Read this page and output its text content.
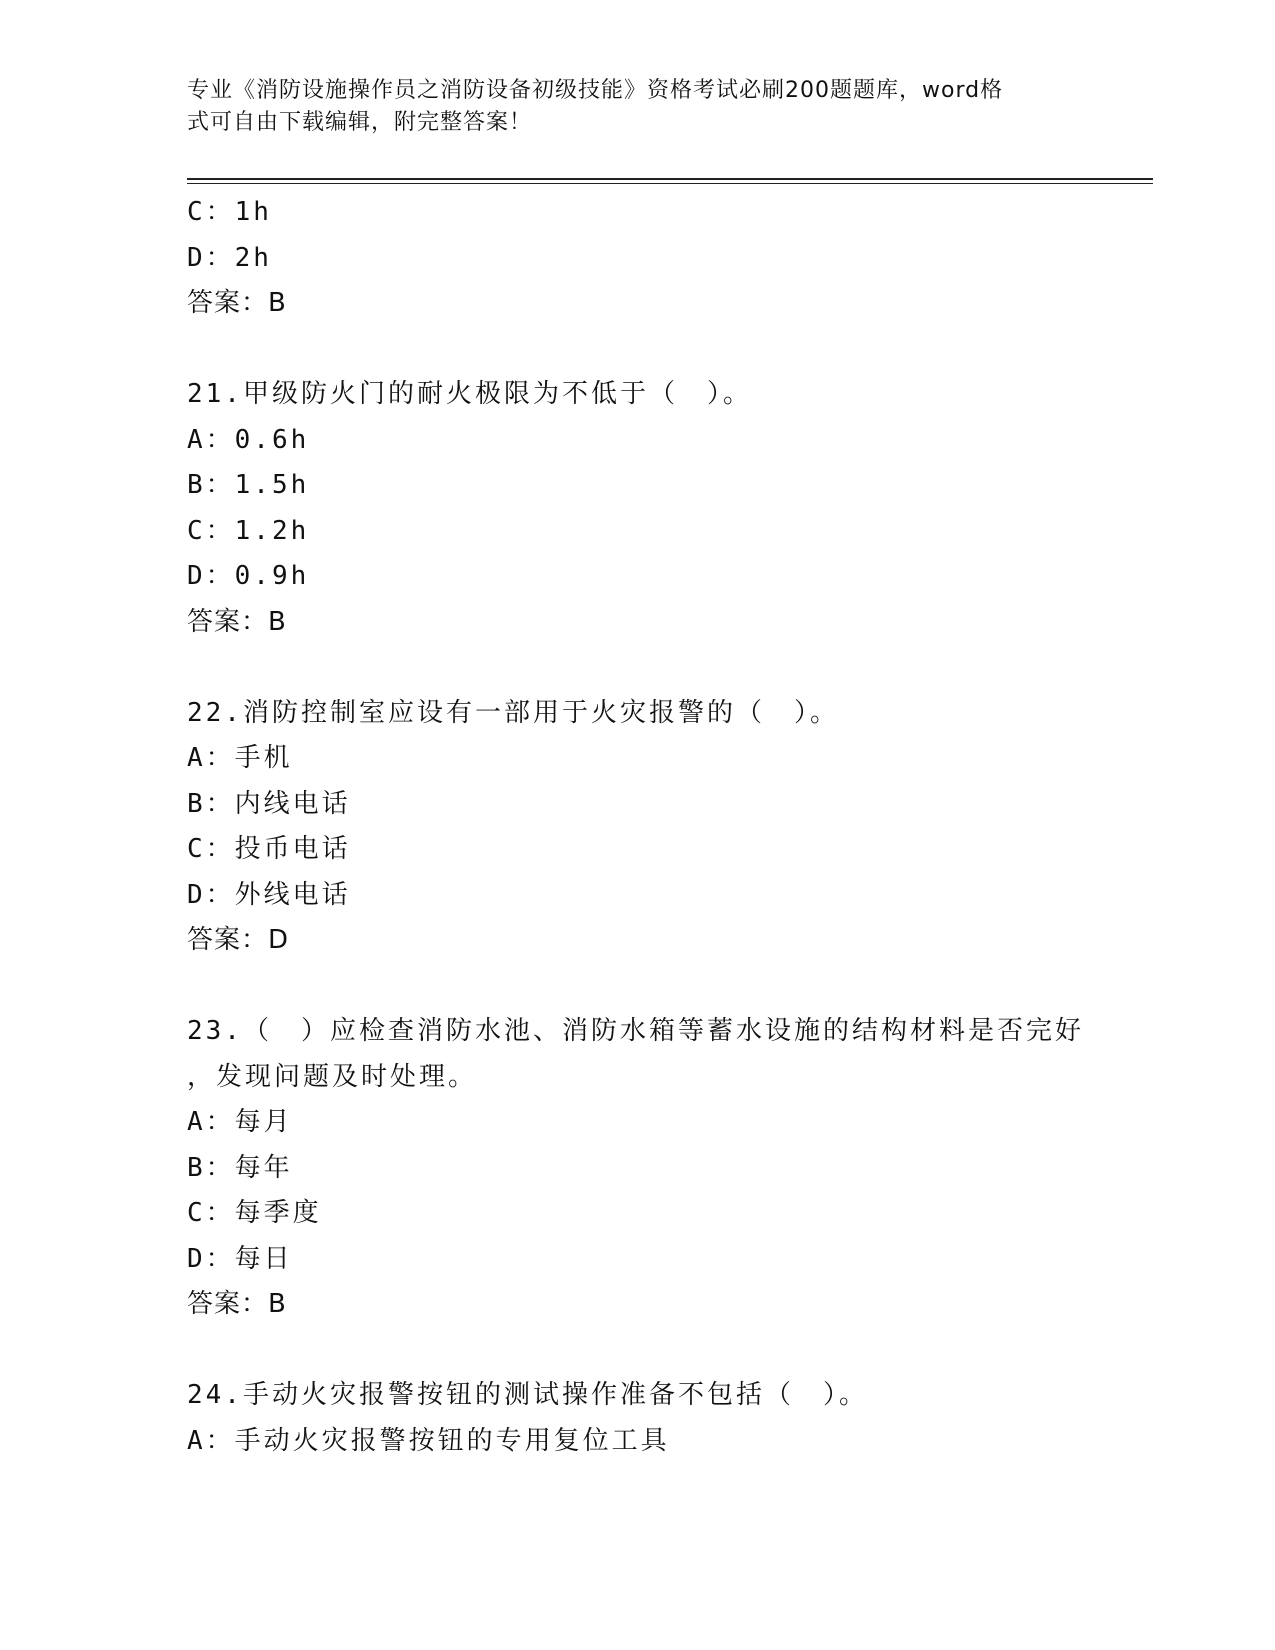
专业《消防设施操作员之消防设备初级技能》资格考试必刷200题题库，word格
式可自由下载编辑，附完整答案！
C：1h
D：2h
答案：B
21.甲级防火门的耐火极限为不低于（　）。
A：0.6h
B：1.5h
C：1.2h
D：0.9h
答案：B
22.消防控制室应设有一部用于火灾报警的（　）。
A：手机
B：内线电话
C：投币电话
D：外线电话
答案：D
23.（　）应检查消防水池、消防水箱等蓄水设施的结构材料是否完好
，发现问题及时处理。
A：每月
B：每年
C：每季度
D：每日
答案：B
24.手动火灾报警按钮的测试操作准备不包括（　）。
A：手动火灾报警按钮的专用复位工具
